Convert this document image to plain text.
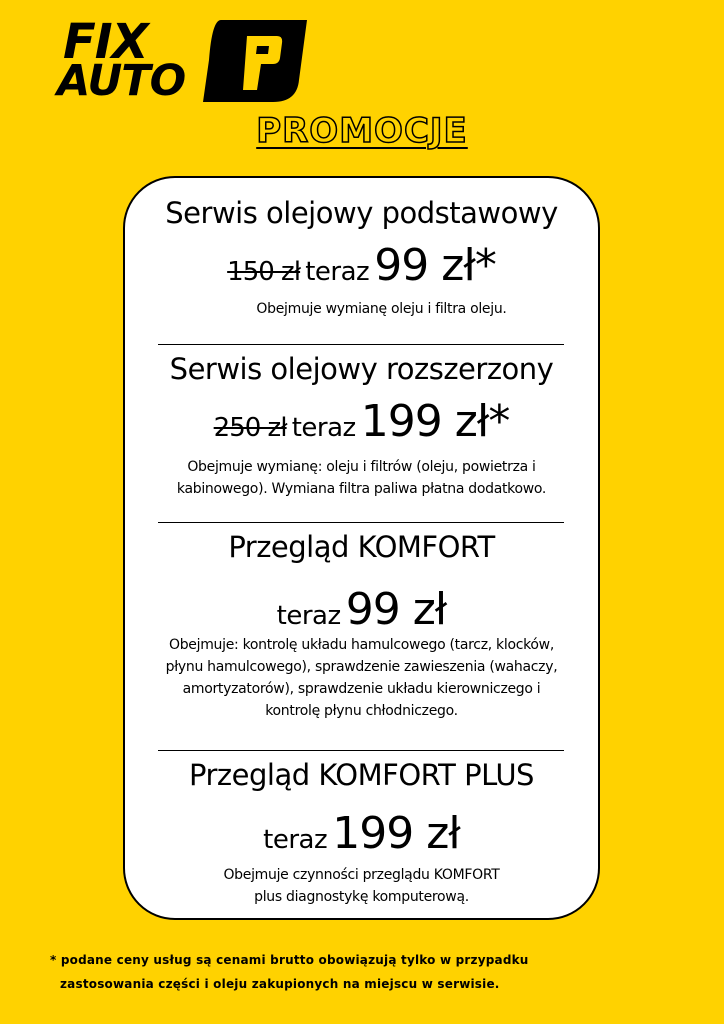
FIX
AUTO
PROMOCJE
Serwis olejowy podstawowy
150 zł teraz 99 zł*
Obejmuje wymianę oleju i filtra oleju.
Serwis olejowy rozszerzony
250 zł teraz 199 zł*
Obejmuje wymianę: oleju i filtrów (oleju, powietrza i
kabinowego). Wymiana filtra paliwa płatna dodatkowo.
Przegląd KOMFORT
teraz 99 zł
Obejmuje: kontrolę układu hamulcowego (tarcz, klocków,
płynu hamulcowego), sprawdzenie zawieszenia (wahaczy,
amortyzatorów), sprawdzenie układu kierowniczego i
kontrolę płynu chłodniczego.
Przegląd KOMFORT PLUS
teraz 199 zł
Obejmuje czynności przeglądu KOMFORT
plus diagnostykę komputerową.
* podane ceny usług są cenami brutto obowiązują tylko w przypadku
zastosowania części i oleju zakupionych na miejscu w serwisie.
